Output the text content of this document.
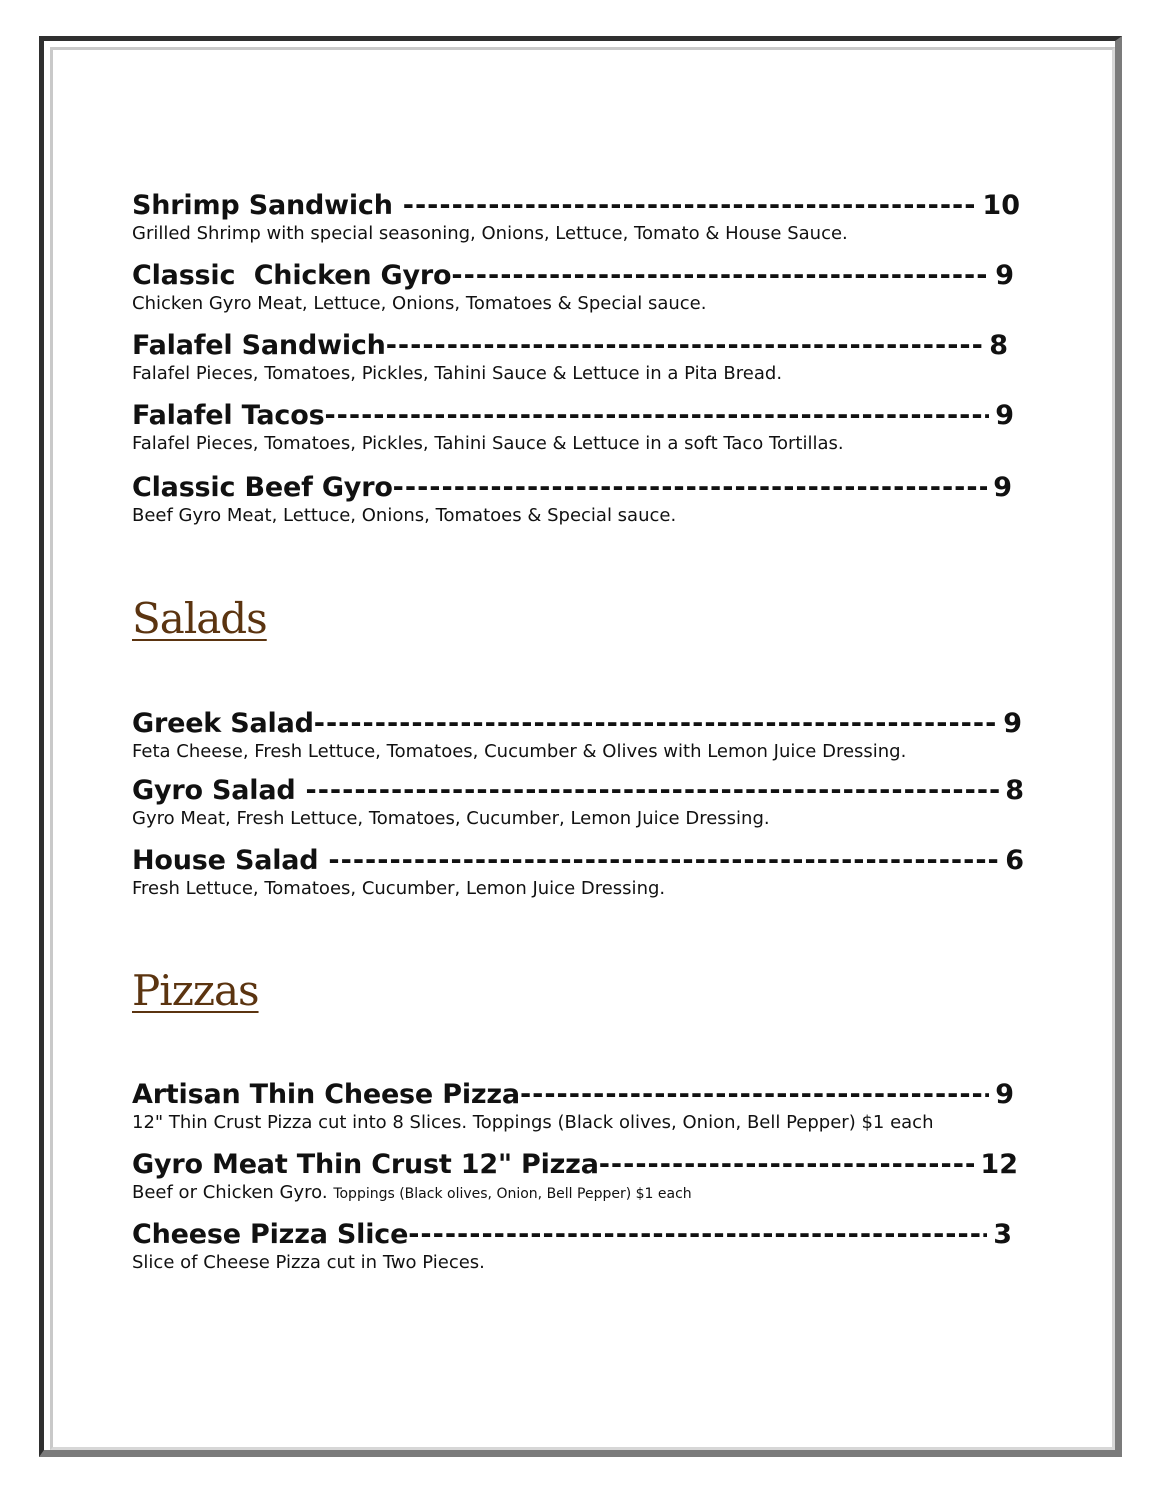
Shrimp Sandwich -----	10
Grilled Shrimp with special seasoning, Onions, Lettuce, Tomato & House Sauce.
Classic  Chicken Gyro -----	9
Chicken Gyro Meat, Lettuce, Onions, Tomatoes & Special sauce.
Falafel Sandwich -----	8
Falafel Pieces, Tomatoes, Pickles, Tahini Sauce & Lettuce in a Pita Bread.
Falafel Tacos -----	9
Falafel Pieces, Tomatoes, Pickles, Tahini Sauce & Lettuce in a soft Taco Tortillas.
Classic Beef Gyro -----	9
Beef Gyro Meat, Lettuce, Onions, Tomatoes & Special sauce.
Salads
Greek Salad -----	9
Feta Cheese, Fresh Lettuce, Tomatoes, Cucumber & Olives with Lemon Juice Dressing.
Gyro Salad -----	8
Gyro Meat, Fresh Lettuce, Tomatoes, Cucumber, Lemon Juice Dressing.
House Salad -----	6
Fresh Lettuce, Tomatoes, Cucumber, Lemon Juice Dressing.
Pizzas
Artisan Thin Cheese Pizza -----	9
12" Thin Crust Pizza cut into 8 Slices. Toppings (Black olives, Onion, Bell Pepper) $1 each
Gyro Meat Thin Crust 12" Pizza -----	12
Beef or Chicken Gyro. Toppings (Black olives, Onion, Bell Pepper) $1 each
Cheese Pizza Slice -----	3
Slice of Cheese Pizza cut in Two Pieces.
